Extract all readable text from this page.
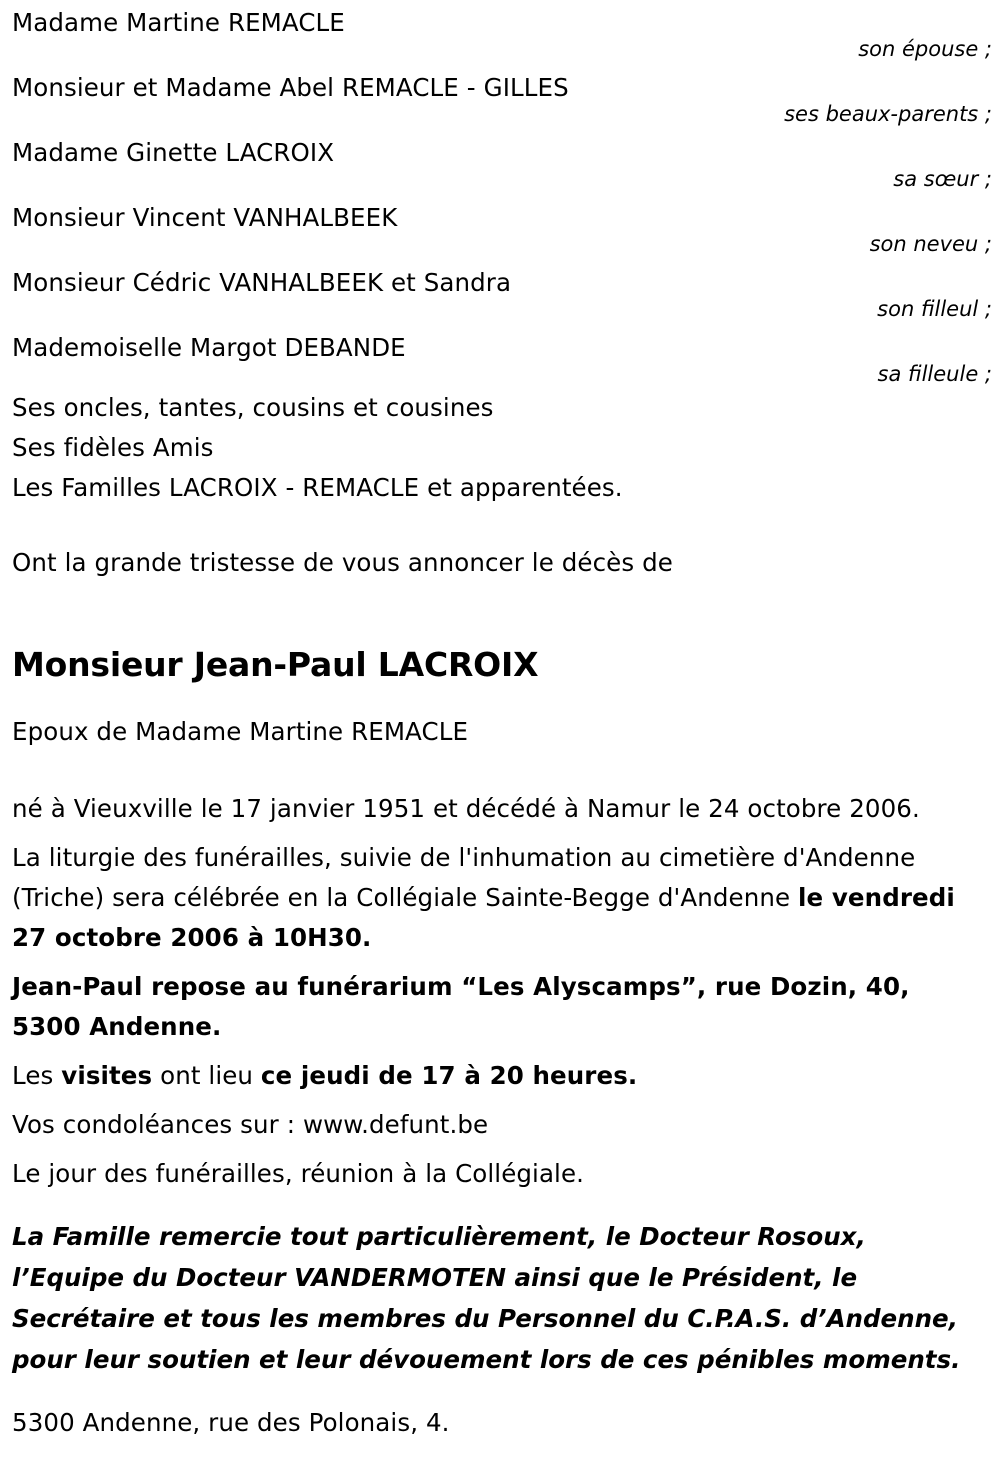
Madame Martine REMACLE
son épouse ;
Monsieur et Madame Abel REMACLE - GILLES
ses beaux-parents ;
Madame Ginette LACROIX
sa sœur ;
Monsieur Vincent VANHALBEEK
son neveu ;
Monsieur Cédric VANHALBEEK et Sandra
son filleul ;
Mademoiselle Margot DEBANDE
sa filleule ;
Ses oncles, tantes, cousins et cousines
Ses fidèles Amis
Les Familles LACROIX - REMACLE et apparentées.
Ont la grande tristesse de vous annoncer le décès de
Monsieur Jean-Paul LACROIX
Epoux de Madame Martine REMACLE

né à Vieuxville le 17 janvier 1951 et décédé à Namur le 24 octobre 2006.

La liturgie des funérailles, suivie de l'inhumation au cimetière d'Andenne (Triche) sera célébrée en la Collégiale Sainte-Begge d'Andenne le vendredi 27 octobre 2006 à 10H30.

Jean-Paul repose au funérarium “Les Alyscamps”, rue Dozin, 40, 5300 Andenne.

Les visites ont lieu ce jeudi de 17 à 20 heures.

Vos condoléances sur : www.defunt.be

Le jour des funérailles, réunion à la Collégiale.

La Famille remercie tout particulièrement, le Docteur Rosoux, l’Equipe du Docteur VANDERMOTEN ainsi que le Président, le Secrétaire et tous les membres du Personnel du C.P.A.S. d’Andenne, pour leur soutien et leur dévouement lors de ces pénibles moments.
5300 Andenne, rue des Polonais, 4.
